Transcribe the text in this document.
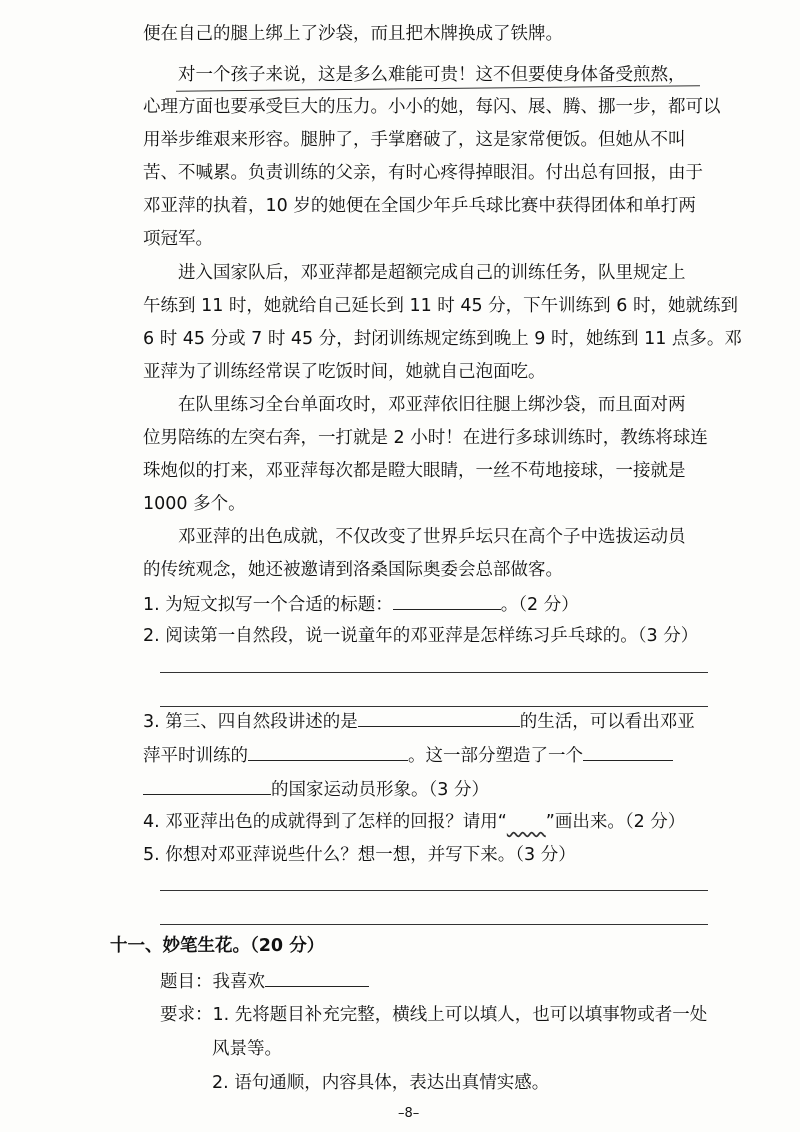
便在自己的腿上绑上了沙袋，而且把木牌换成了铁牌。
对一个孩子来说，这是多么难能可贵！这不但要使身体备受煎熬，
心理方面也要承受巨大的压力。小小的她，每闪、展、腾、挪一步，都可以
用举步维艰来形容。腿肿了，手掌磨破了，这是家常便饭。但她从不叫
苦、不喊累。负责训练的父亲，有时心疼得掉眼泪。付出总有回报，由于
邓亚萍的执着，10 岁的她便在全国少年乒乓球比赛中获得团体和单打两
项冠军。
进入国家队后，邓亚萍都是超额完成自己的训练任务，队里规定上
午练到 11 时，她就给自己延长到 11 时 45 分，下午训练到 6 时，她就练到
6 时 45 分或 7 时 45 分，封闭训练规定练到晚上 9 时，她练到 11 点多。邓
亚萍为了训练经常误了吃饭时间，她就自己泡面吃。
在队里练习全台单面攻时，邓亚萍依旧往腿上绑沙袋，而且面对两
位男陪练的左突右奔，一打就是 2 小时！在进行多球训练时，教练将球连
珠炮似的打来，邓亚萍每次都是瞪大眼睛，一丝不苟地接球，一接就是
1000 多个。
邓亚萍的出色成就，不仅改变了世界乒坛只在高个子中选拔运动员
的传统观念，她还被邀请到洛桑国际奥委会总部做客。
1. 为短文拟写一个合适的标题：	。（2 分）
2. 阅读第一自然段，说一说童年的邓亚萍是怎样练习乒乓球的。（3 分）
3. 第三、四自然段讲述的是	的生活，可以看出邓亚
萍平时训练的	。这一部分塑造了一个
的国家运动员形象。（3 分）
4. 邓亚萍出色的成就得到了怎样的回报？请用“ ”画出来。（2 分）
5. 你想对邓亚萍说些什么？想一想，并写下来。（3 分）
十一、妙笔生花。（20 分）
题目：我喜欢
要求：1. 先将题目补充完整，横线上可以填人，也可以填事物或者一处
风景等。
2. 语句通顺，内容具体，表达出真情实感。
–8–
